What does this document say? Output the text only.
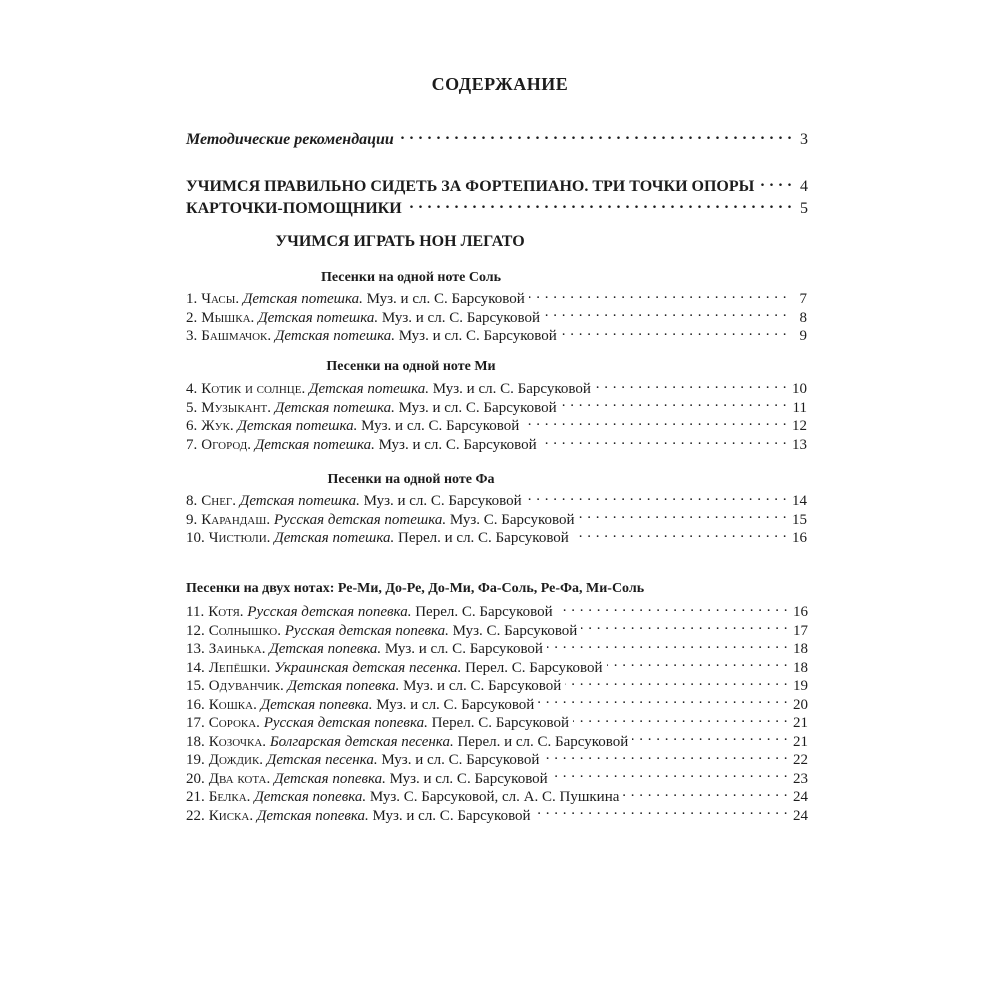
СОДЕРЖАНИЕ
Методические рекомендации . . .	3
УЧИМСЯ ПРАВИЛЬНО СИДЕТЬ ЗА ФОРТЕПИАНО. ТРИ ТОЧКИ ОПОРЫ . . .	4
КАРТОЧКИ-ПОМОЩНИКИ . . .	5
УЧИМСЯ ИГРАТЬ НОН ЛЕГАТО
Песенки на одной ноте Соль
1. Часы. Детская потешка. Муз. и сл. С. Барсуковой . . .	7
2. Мышка. Детская потешка. Муз. и сл. С. Барсуковой . . .	8
3. Башмачок. Детская потешка. Муз. и сл. С. Барсуковой . . .	9
Песенки на одной ноте Ми
4. Котик и солнце. Детская потешка. Муз. и сл. С. Барсуковой . . .	10
5. Музыкант. Детская потешка. Муз. и сл. С. Барсуковой . . .	11
6. Жук. Детская потешка. Муз. и сл. С. Барсуковой . . .	12
7. Огород. Детская потешка. Муз. и сл. С. Барсуковой . . .	13
Песенки на одной ноте Фа
8. Снег. Детская потешка. Муз. и сл. С. Барсуковой . . .	14
9. Карандаш. Русская детская потешка. Муз. С. Барсуковой . . .	15
10. Чистюли. Детская потешка. Перел. и сл. С. Барсуковой . . .	16
Песенки на двух нотах: Ре-Ми, До-Ре, До-Ми, Фа-Соль, Ре-Фа, Ми-Соль
11. Котя. Русская детская попевка. Перел. С. Барсуковой . . .	16
12. Солнышко. Русская детская попевка. Муз. С. Барсуковой . . .	17
13. Заинька. Детская попевка. Муз. и сл. С. Барсуковой . . .	18
14. Лепёшки. Украинская детская песенка. Перел. С. Барсуковой . . .	18
15. Одуванчик. Детская попевка. Муз. и сл. С. Барсуковой . . .	19
16. Кошка. Детская попевка. Муз. и сл. С. Барсуковой . . .	20
17. Сорока. Русская детская попевка. Перел. С. Барсуковой . . .	21
18. Козочка. Болгарская детская песенка. Перел. и сл. С. Барсуковой . . .	21
19. Дождик. Детская песенка. Муз. и сл. С. Барсуковой . . .	22
20. Два кота. Детская попевка. Муз. и сл. С. Барсуковой . . .	23
21. Белка. Детская попевка. Муз. С. Барсуковой, сл. А. С. Пушкина . . .	24
22. Киска. Детская попевка. Муз. и сл. С. Барсуковой . . .	24
